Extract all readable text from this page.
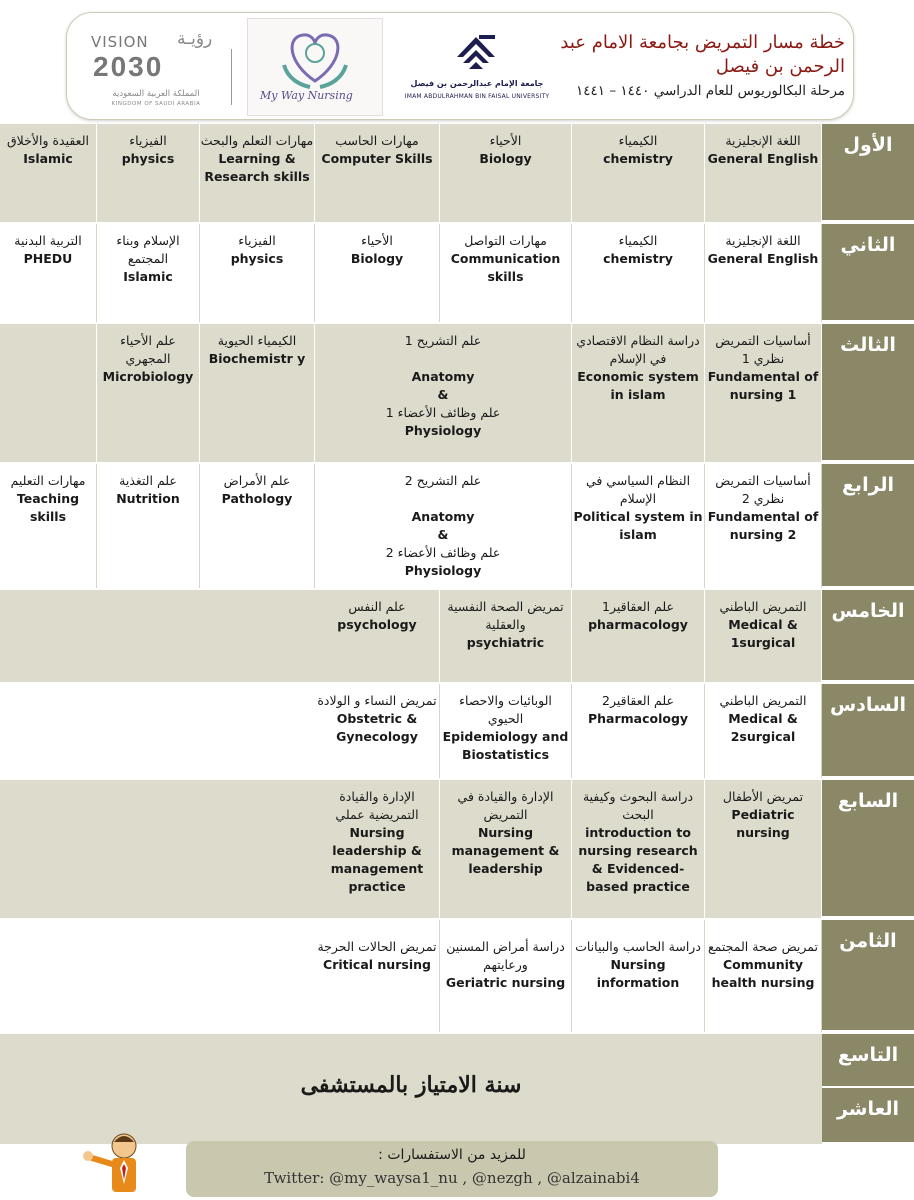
خطة مسار التمريض بجامعة الامام عبد

الرحمن بن فيصل

مرحلة البكالوريوس للعام الدراسي ١٤٤٠ – ١٤٤١

جامعة الإمام عبدالرحمن بن فيصل
IMAM ABDULRAHMAN BIN FAISAL UNIVERSITY
My Way Nursing
VISION رؤيـة
2030
المملكة العربية السعودية
KINGDOM OF SAUDI ARABIA
اللغة الإنجليزية
General English
الكيمياء
chemistry
الأحياء
Biology
مهارات الحاسب
Computer Skills
مهارات التعلم والبحث
Learning & Research skills
الفيزياء
physics
العقيدة والأخلاق
Islamic
الأول
اللغة الإنجليزية
General English
الكيمياء
chemistry
مهارات التواصل
Communication skills
الأحياء
Biology
الفيزياء
physics
الإسلام وبناء المجتمع
Islamic
التربية البدنية
PHEDU
الثاني
أساسيات التمريض نظري 1
Fundamental of nursing 1
دراسة النظام الاقتصادي في الإسلام
Economic system in islam
علم التشريح 1

Anatomy
&
علم وظائف الأعضاء 1
Physiology
الكيمياء الحيوية
Biochemistr y
علم الأحياء المجهري
Microbiology
الثالث
أساسيات التمريض نظري 2
Fundamental of nursing 2
النظام السياسي في الإسلام
Political system in islam
علم التشريح 2

Anatomy
&
علم وظائف الأعضاء 2
Physiology
علم الأمراض
Pathology
علم التغذية
Nutrition
مهارات التعليم
Teaching skills
الرابع
التمريض الباطني
Medical & 1surgical
علم العقاقير1
pharmacology
تمريض الصحة النفسية والعقلية
psychiatric
علم النفس
psychology
الخامس
التمريض الباطني
Medical & 2surgical
علم العقاقير2
Pharmacology
الوبائيات والاحصاء الحيوي
Epidemiology and Biostatistics
تمريض النساء و الولادة
Obstetric & Gynecology
السادس
تمريض الأطفال
Pediatric nursing
دراسة البحوث وكيفية البحث
introduction to nursing research & Evidenced-based practice
الإدارة والقيادة في التمريض
Nursing management & leadership
الإدارة والقيادة التمريضية عملي
Nursing leadership & management practice
السابع
تمريض صحة المجتمع
Community health nursing
دراسة الحاسب والبيانات
Nursing information
دراسة أمراض المسنين ورعايتهم
Geriatric nursing
تمريض الحالات الحرجة
Critical nursing
الثامن
سنة الامتياز بالمستشفى
التاسع
العاشر
للمزيد من الاستفسارات :
Twitter: @my_waysa1_nu , @nezgh , @alzainabi4
